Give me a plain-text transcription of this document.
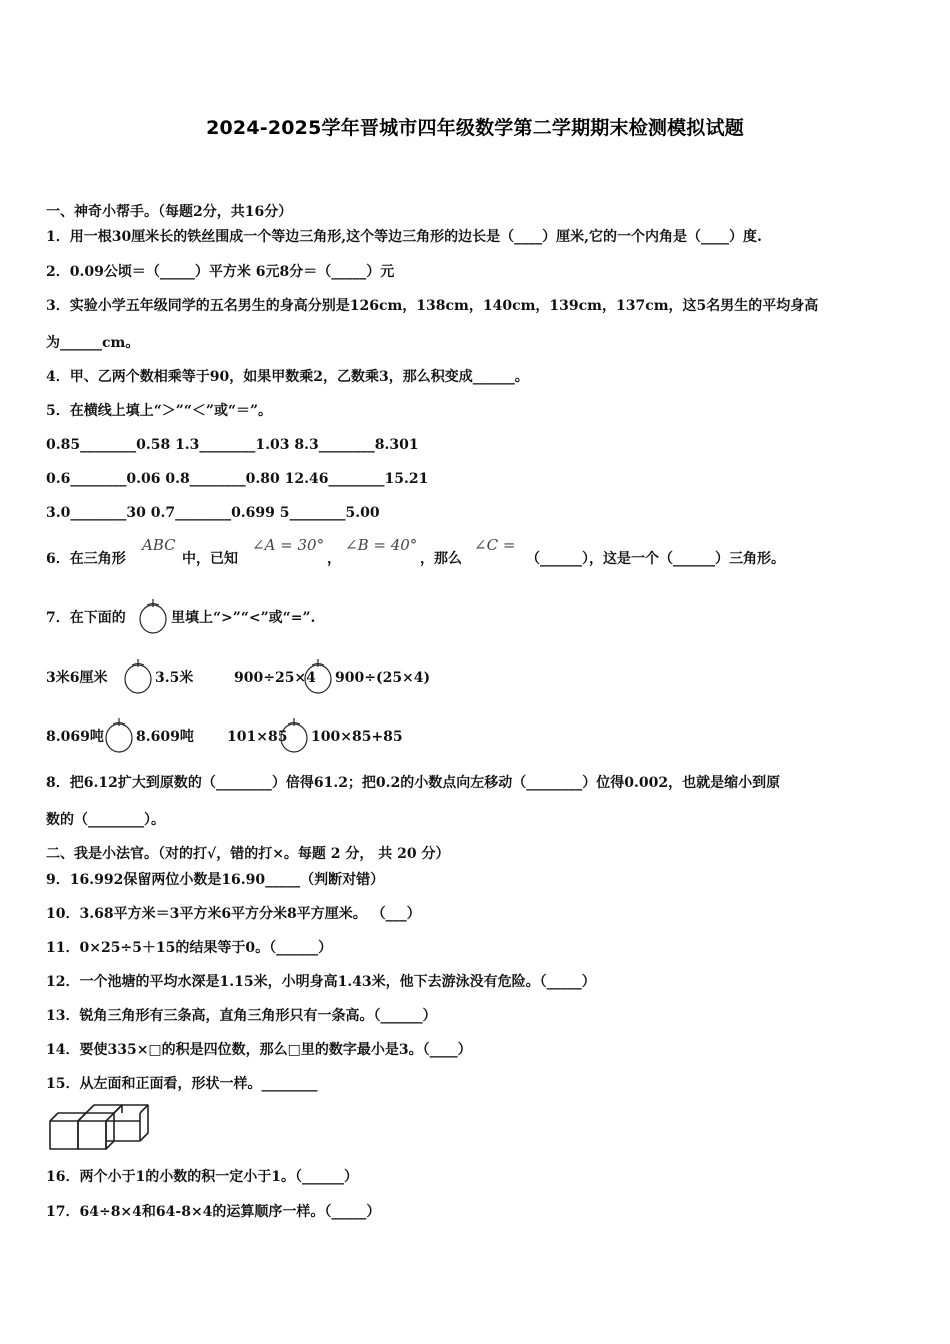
2024-2025学年晋城市四年级数学第二学期期末检测模拟试题
一、神奇小帮手。（每题2分，共16分）
1．用一根30厘米长的铁丝围成一个等边三角形,这个等边三角形的边长是（____）厘米,它的一个内角是（____）度.
2．0.09公顷＝（_____）平方米 6元8分＝（_____）元
3．实验小学五年级同学的五名男生的身高分别是126cm，138cm，140cm，139cm，137cm，这5名男生的平均身高
为______cm。
4．甲、乙两个数相乘等于90，如果甲数乘2，乙数乘3，那么积变成______。
5．在横线上填上“＞”“＜”或“＝”。
0.85________0.58 1.3________1.03 8.3________8.301
0.6________0.06 0.8________0.80 12.46________15.21
3.0________30 0.7________0.699 5________5.00
6．在三角形
ABC
中，已知
∠A = 30°
，
∠B = 40°
，那么
∠C =
（______），这是一个（______）三角形。
7．在下面的	里填上“>”“<”或“=”.
3米6厘米	3.5米	900÷25×4 900÷(25×4)
8.069吨 8.609吨 101×85 100×85+85
8．把6.12扩大到原数的（________）倍得61.2；把0.2的小数点向左移动（________）位得0.002，也就是缩小到原
数的（________）。
二、我是小法官。（对的打√，错的打×。每题 2 分， 共 20 分）
9．16.992保留两位小数是16.90_____（判断对错）
10．3.68平方米＝3平方米6平方分米8平方厘米。 （___）
11．0×25÷5＋15的结果等于0。（______）
12．一个池塘的平均水深是1.15米，小明身高1.43米，他下去游泳没有危险。（_____）
13．锐角三角形有三条高，直角三角形只有一条高。（______）
14．要使335×□的积是四位数，那么□里的数字最小是3。（____）
15．从左面和正面看，形状一样。________
16．两个小于1的小数的积一定小于1。（______）
17．64÷8×4和64-8×4的运算顺序一样。（_____）
